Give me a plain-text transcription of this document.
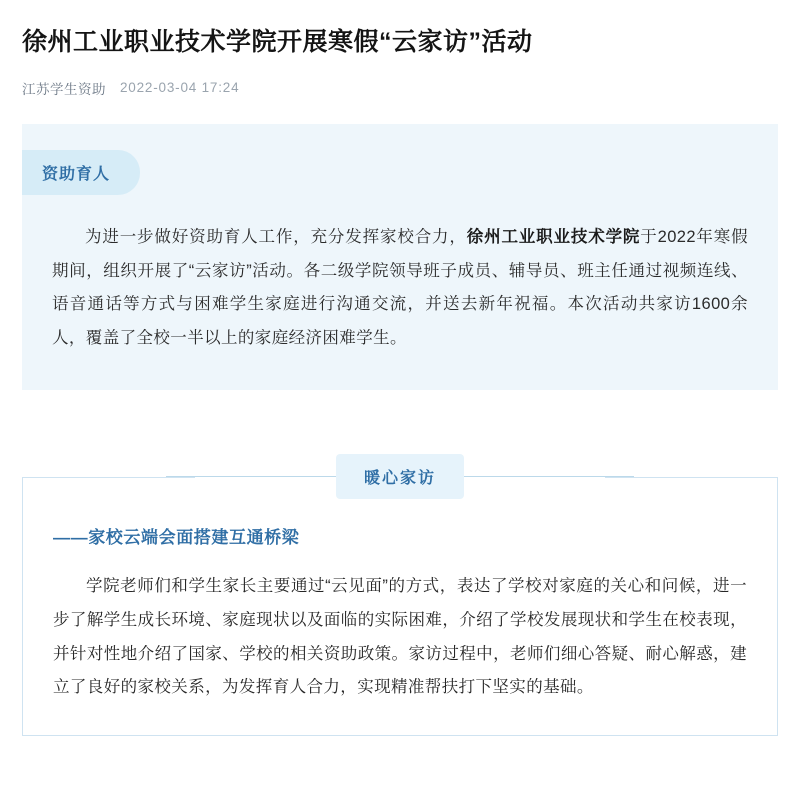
徐州工业职业技术学院开展寒假“云家访”活动
江苏学生资助 2022-03-04 17:24
资助育人

为进一步做好资助育人工作，充分发挥家校合力，徐州工业职业技术学院于2022年寒假期间，组织开展了“云家访”活动。各二级学院领导班子成员、辅导员、班主任通过视频连线、语音通话等方式与困难学生家庭进行沟通交流，并送去新年祝福。本次活动共家访1600余人，覆盖了全校一半以上的家庭经济困难学生。

暖心家访
——家校云端会面搭建互通桥梁

学院老师们和学生家长主要通过“云见面”的方式，表达了学校对家庭的关心和问候，进一步了解学生成长环境、家庭现状以及面临的实际困难，介绍了学校发展现状和学生在校表现，并针对性地介绍了国家、学校的相关资助政策。家访过程中，老师们细心答疑、耐心解惑，建立了良好的家校关系，为发挥育人合力，实现精准帮扶打下坚实的基础。
